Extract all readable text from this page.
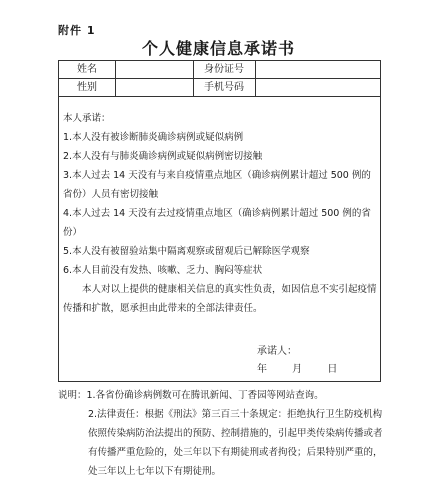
附件 1
个人健康信息承诺书
姓名	身份证号
性别	手机号码

本人承诺：

1.本人没有被诊断肺炎确诊病例或疑似病例

2.本人没有与肺炎确诊病例或疑似病例密切接触

3.本人过去 14 天没有与来自疫情重点地区（确诊病例累计超过 500 例的省份）人员有密切接触

4.本人过去 14 天没有去过疫情重点地区（确诊病例累计超过 500 例的省份）

5.本人没有被留验站集中隔离观察或留观后已解除医学观察

6.本人目前没有发热、咳嗽、乏力、胸闷等症状

本人对以上提供的健康相关信息的真实性负责，如因信息不实引起疫情传播和扩散，愿承担由此带来的全部法律责任。

承诺人：
年 月 日

说明：1.各省份确诊病例数可在腾讯新闻、丁香园等网站查询。

2.法律责任：根据《刑法》第三百三十条规定：拒绝执行卫生防疫机构依照传染病防治法提出的预防、控制措施的，引起甲类传染病传播或者有传播严重危险的，处三年以下有期徒刑或者拘役；后果特别严重的，处三年以上七年以下有期徒刑。
